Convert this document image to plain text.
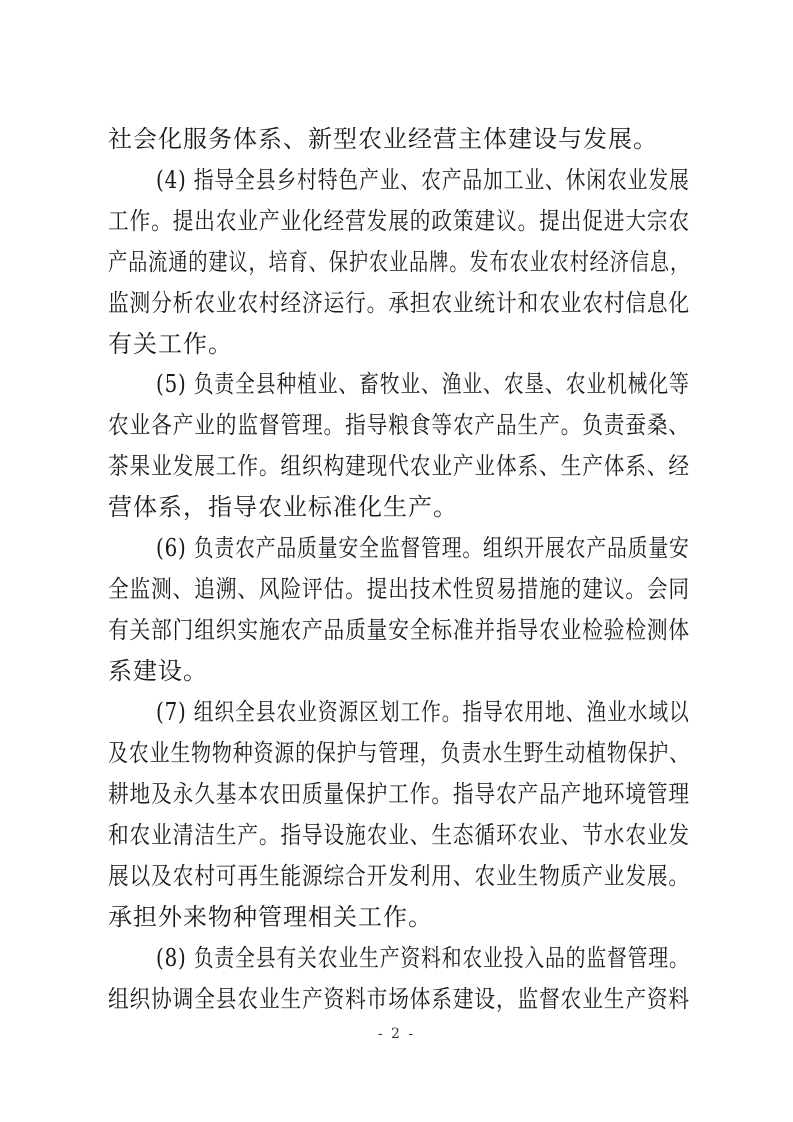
社会化服务体系、新型农业经营主体建设与发展。
(4) 指导全县乡村特色产业、农产品加工业、休闲农业发展
工作。提出农业产业化经营发展的政策建议。提出促进大宗农
产品流通的建议，培育、保护农业品牌。发布农业农村经济信息，
监测分析农业农村经济运行。承担农业统计和农业农村信息化
有关工作。
(5) 负责全县种植业、畜牧业、渔业、农垦、农业机械化等
农业各产业的监督管理。指导粮食等农产品生产。负责蚕桑、
茶果业发展工作。组织构建现代农业产业体系、生产体系、经
营体系，指导农业标准化生产。
(6) 负责农产品质量安全监督管理。组织开展农产品质量安
全监测、追溯、风险评估。提出技术性贸易措施的建议。会同
有关部门组织实施农产品质量安全标准并指导农业检验检测体
系建设。
(7) 组织全县农业资源区划工作。指导农用地、渔业水域以
及农业生物物种资源的保护与管理，负责水生野生动植物保护、
耕地及永久基本农田质量保护工作。指导农产品产地环境管理
和农业清洁生产。指导设施农业、生态循环农业、节水农业发
展以及农村可再生能源综合开发利用、农业生物质产业发展。
承担外来物种管理相关工作。
(8) 负责全县有关农业生产资料和农业投入品的监督管理。
组织协调全县农业生产资料市场体系建设，监督农业生产资料
- 2 -
